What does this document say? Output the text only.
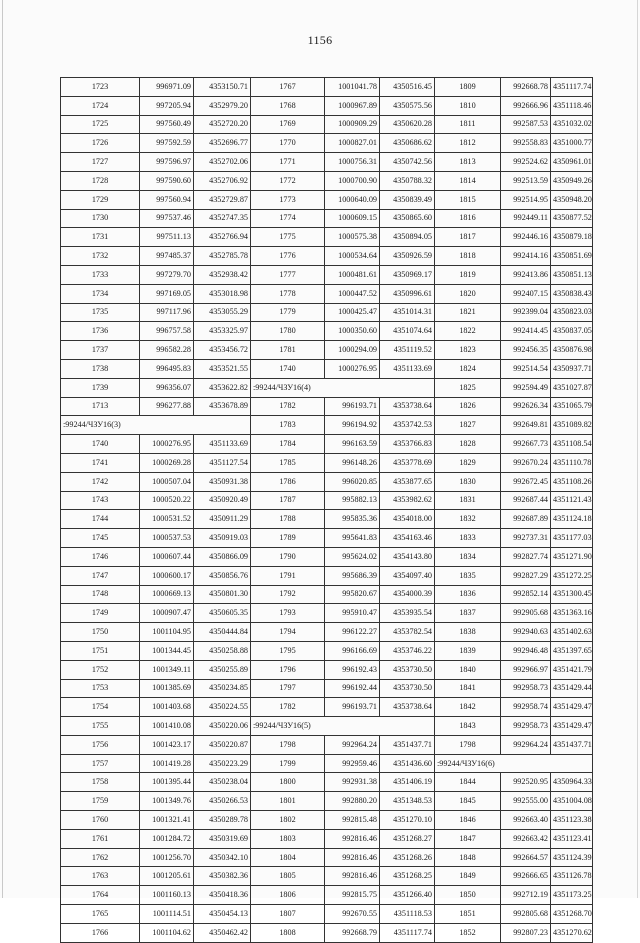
1156
1723	996971.09	4353150.71	1767	1001041.78	4350516.45	1809	992668.78	4351117.74
1724	997205.94	4352979.20	1768	1000967.89	4350575.56	1810	992666.96	4351118.46
1725	997560.49	4352720.20	1769	1000909.29	4350620.28	1811	992587.53	4351032.02
1726	997592.59	4352696.77	1770	1000827.01	4350686.62	1812	992558.83	4351000.77
1727	997596.97	4352702.06	1771	1000756.31	4350742.56	1813	992524.62	4350961.01
1728	997590.60	4352706.92	1772	1000700.90	4350788.32	1814	992513.59	4350949.26
1729	997560.94	4352729.87	1773	1000640.09	4350839.49	1815	992514.95	4350948.20
1730	997537.46	4352747.35	1774	1000609.15	4350865.60	1816	992449.11	4350877.52
1731	997511.13	4352766.94	1775	1000575.38	4350894.05	1817	992446.16	4350879.18
1732	997485.37	4352785.78	1776	1000534.64	4350926.59	1818	992414.16	4350851.69
1733	997279.70	4352938.42	1777	1000481.61	4350969.17	1819	992413.86	4350851.13
1734	997169.05	4353018.98	1778	1000447.52	4350996.61	1820	992407.15	4350838.43
1735	997117.96	4353055.29	1779	1000425.47	4351014.31	1821	992399.04	4350823.03
1736	996757.58	4353325.97	1780	1000350.60	4351074.64	1822	992414.45	4350837.05
1737	996582.28	4353456.72	1781	1000294.09	4351119.52	1823	992456.35	4350876.98
1738	996495.83	4353521.55	1740	1000276.95	4351133.69	1824	992514.54	4350937.71
1739	996356.07	4353622.82	:99244/ЧЗУ16(4)			1825	992594.49	4351027.87
1713	996277.88	4353678.89	1782	996193.71	4353738.64	1826	992626.34	4351065.79
:99244/ЧЗУ16(3)			1783	996194.92	4353742.53	1827	992649.81	4351089.82
1740	1000276.95	4351133.69	1784	996163.59	4353766.83	1828	992667.73	4351108.54
1741	1000269.28	4351127.54	1785	996148.26	4353778.69	1829	992670.24	4351110.78
1742	1000507.04	4350931.38	1786	996020.85	4353877.65	1830	992672.45	4351108.26
1743	1000520.22	4350920.49	1787	995882.13	4353982.62	1831	992687.44	4351121.43
1744	1000531.52	4350911.29	1788	995835.36	4354018.00	1832	992687.89	4351124.18
1745	1000537.53	4350919.03	1789	995641.83	4354163.46	1833	992737.31	4351177.03
1746	1000607.44	4350866.09	1790	995624.02	4354143.80	1834	992827.74	4351271.90
1747	1000600.17	4350856.76	1791	995686.39	4354097.40	1835	992827.29	4351272.25
1748	1000669.13	4350801.30	1792	995820.67	4354000.39	1836	992852.14	4351300.45
1749	1000907.47	4350605.35	1793	995910.47	4353935.54	1837	992905.68	4351363.16
1750	1001104.95	4350444.84	1794	996122.27	4353782.54	1838	992940.63	4351402.63
1751	1001344.45	4350258.88	1795	996166.69	4353746.22	1839	992946.48	4351397.65
1752	1001349.11	4350255.89	1796	996192.43	4353730.50	1840	992966.97	4351421.79
1753	1001385.69	4350234.85	1797	996192.44	4353730.50	1841	992958.73	4351429.44
1754	1001403.68	4350224.55	1782	996193.71	4353738.64	1842	992958.74	4351429.47
1755	1001410.08	4350220.06	:99244/ЧЗУ16(5)			1843	992958.73	4351429.47
1756	1001423.17	4350220.87	1798	992964.24	4351437.71	1798	992964.24	4351437.71
1757	1001419.28	4350223.29	1799	992959.46	4351436.60	:99244/ЧЗУ16(6)		
1758	1001395.44	4350238.04	1800	992931.38	4351406.19	1844	992520.95	4350964.33
1759	1001349.76	4350266.53	1801	992880.20	4351348.53	1845	992555.00	4351004.08
1760	1001321.41	4350289.78	1802	992815.48	4351270.10	1846	992663.40	4351123.38
1761	1001284.72	4350319.69	1803	992816.46	4351268.27	1847	992663.42	4351123.41
1762	1001256.70	4350342.10	1804	992816.46	4351268.26	1848	992664.57	4351124.39
1763	1001205.61	4350382.36	1805	992816.46	4351268.25	1849	992666.65	4351126.78
1764	1001160.13	4350418.36	1806	992815.75	4351266.40	1850	992712.19	4351173.25
1765	1001114.51	4350454.13	1807	992670.55	4351118.53	1851	992805.68	4351268.70
1766	1001104.62	4350462.42	1808	992668.79	4351117.74	1852	992807.23	4351270.62
